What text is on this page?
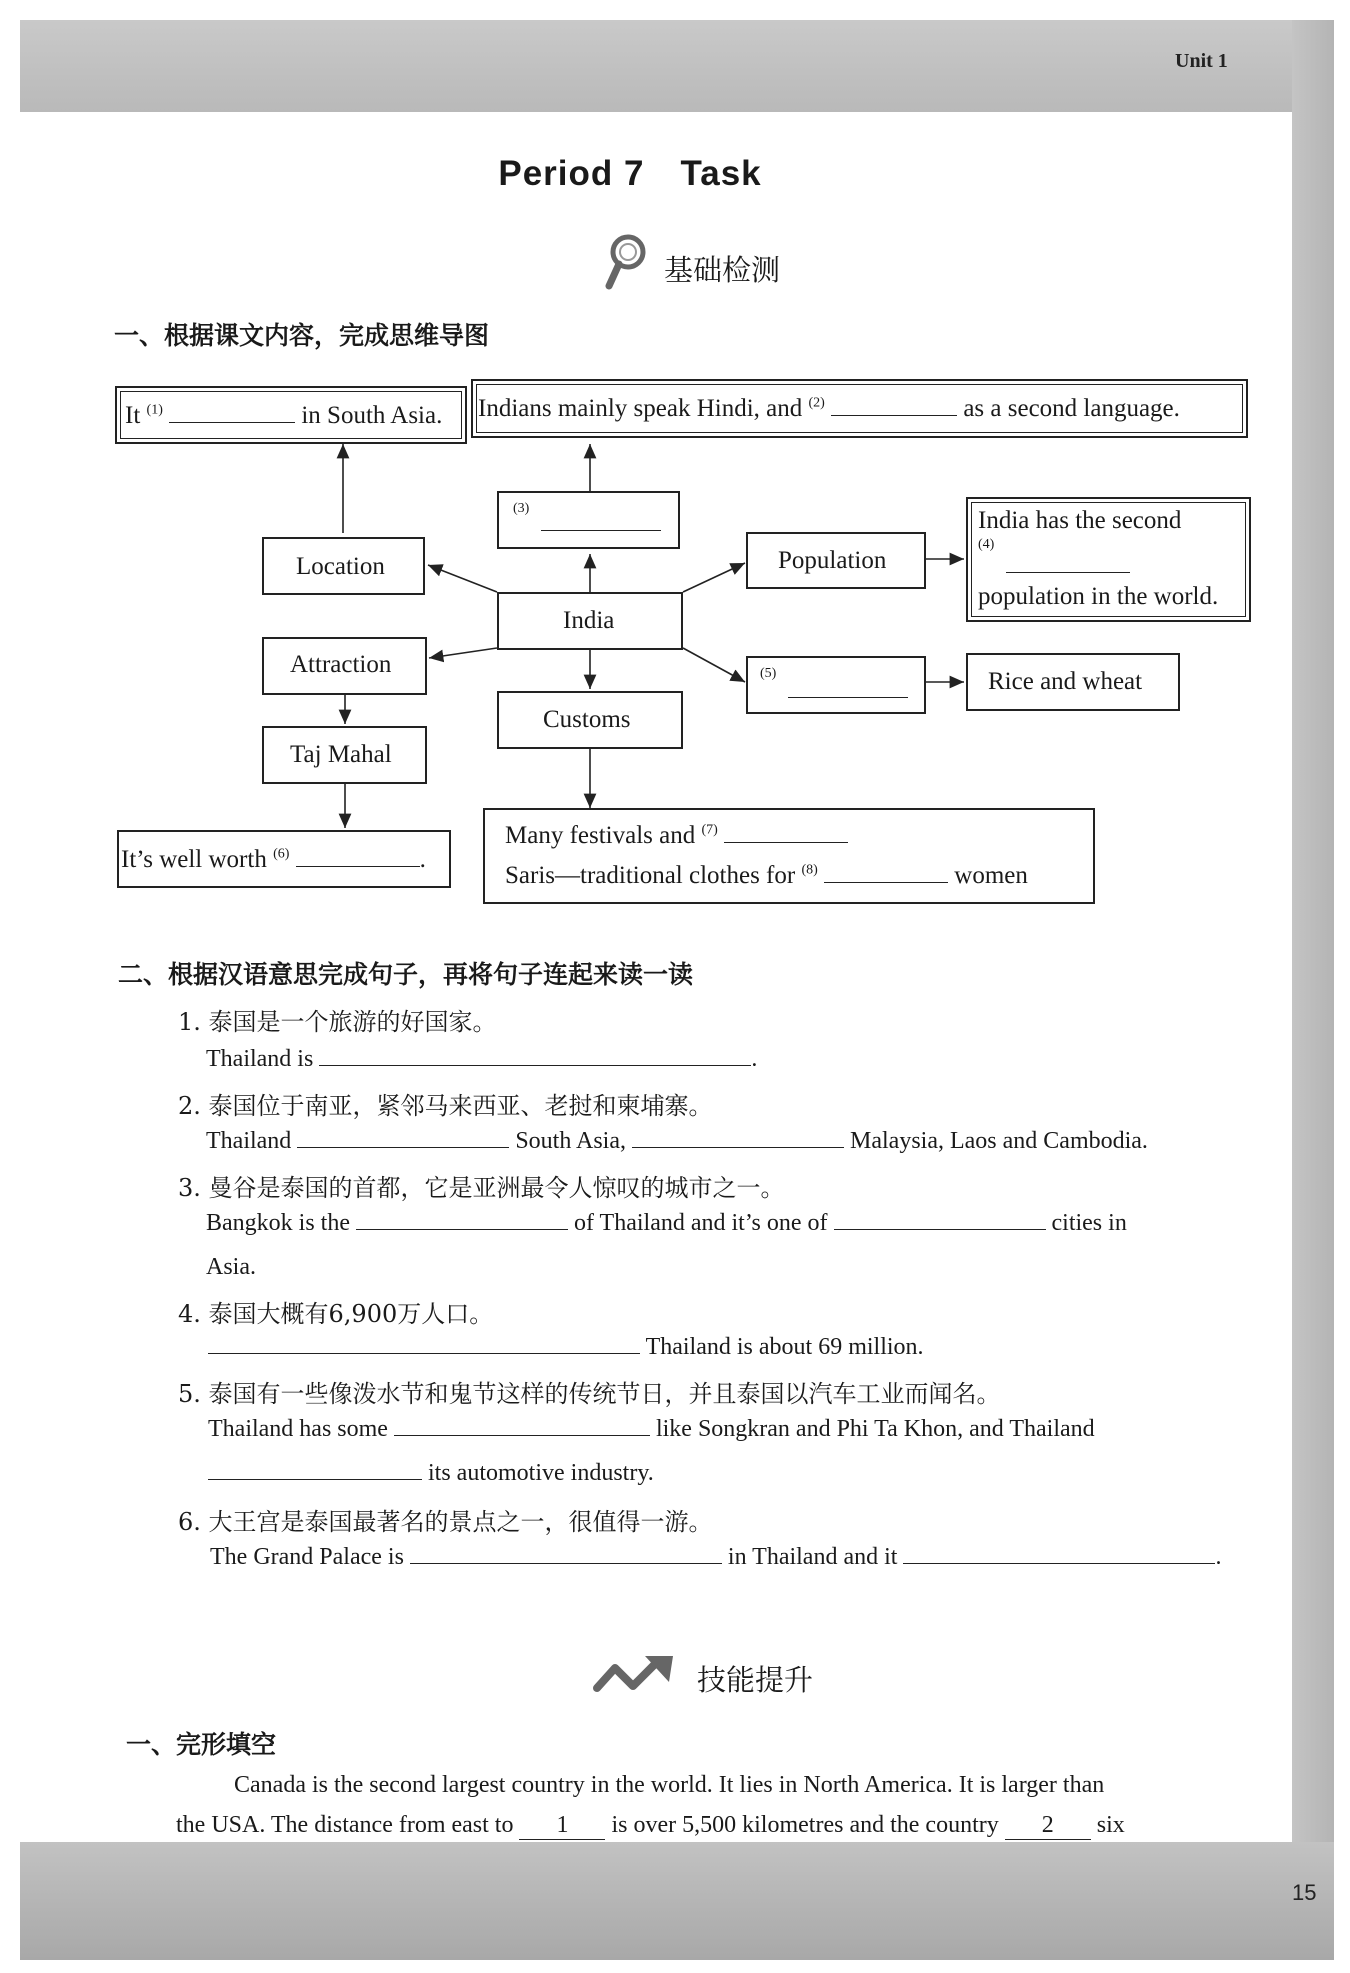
Unit 1
15
Period 7　Task
基础检测
一、根据课文内容，完成思维导图
It $^{(1)}$	in South Asia. Indians mainly speak Hindi, and $^{(2)}$	as a second language.
(3)
Location	Population
India has the second
(4)
population in the world.
India
Attraction	(5)	Rice and wheat
Customs
Taj Mahal
It’s well worth $^{(6)}$	.
Many festivals and $^{(7)}$
Saris—traditional clothes for $^{(8)}$	women
二、根据汉语意思完成句子，再将句子连起来读一读
1. 泰国是一个旅游的好国家。
Thailand is	.
2. 泰国位于南亚，紧邻马来西亚、老挝和柬埔寨。
Thailand	South Asia,	Malaysia, Laos and Cambodia.
3. 曼谷是泰国的首都，它是亚洲最令人惊叹的城市之一。
Bangkok is the	of Thailand and it’s one of	cities in
Asia.
4. 泰国大概有6,900万人口。
Thailand is about 69 million.
5. 泰国有一些像泼水节和鬼节这样的传统节日，并且泰国以汽车工业而闻名。
Thailand has some	like Songkran and Phi Ta Khon, and Thailand
its automotive industry.
6. 大王宫是泰国最著名的景点之一，很值得一游。
The Grand Palace is	in Thailand and it	.
技能提升
一、完形填空
Canada is the second largest country in the world. It lies in North America. It is larger than
the USA. The distance from east to 1 is over 5,500 kilometres and the country 2 six
